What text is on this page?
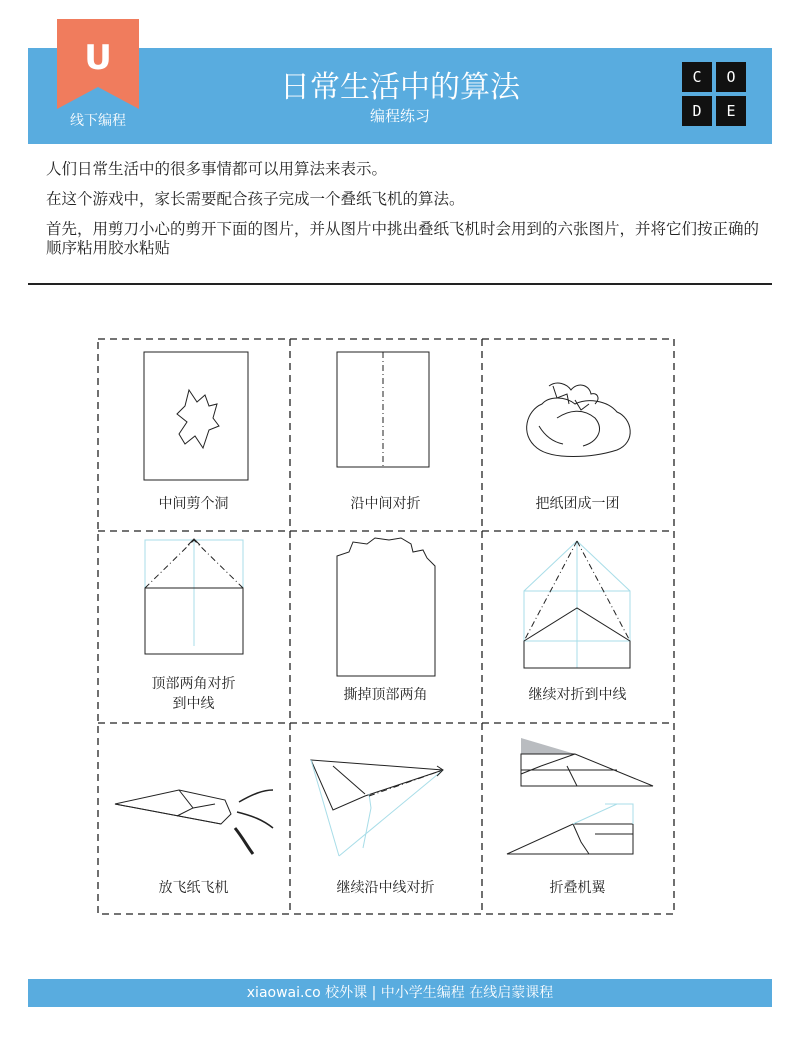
U
线下编程
日常生活中的算法
编程练习
C	O
D	E

人们日常生活中的很多事情都可以用算法来表示。

在这个游戏中，家长需要配合孩子完成一个叠纸飞机的算法。

首先，用剪刀小心的剪开下面的图片，并从图片中挑出叠纸飞机时会用到的六张图片，并将它们按正确的顺序粘用胶水粘贴

中间剪个洞	沿中间对折	把纸团成一团
顶部两角对折
到中线
撕掉顶部两角	继续对折到中线
放飞纸飞机	继续沿中线对折	折叠机翼
xiaowai.co 校外课 | 中小学生编程 在线启蒙课程
